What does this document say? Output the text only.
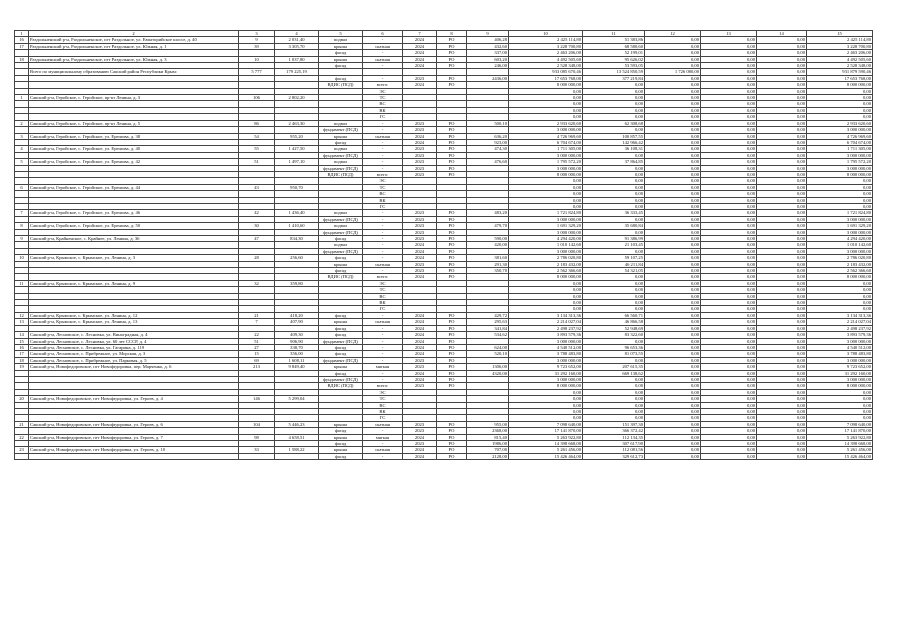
1	2	3	4	5	6	7	8	9	10	11	12	13	14	15
16	Раздольненский р-н, Раздольненское, пгт Раздольное, ул. Евпаторийское шоссе, д. 40	9	2 031,40	подвал	-	2024	РО	406,28	2 425 114,80	51 383,86	0,00	0,00	0,00	2 425 114,80
17	Раздольненский р-н, Раздольненское, пгт Раздольное, ул. Южная, д. 1	39	3 305,70	крыша	скатная	2024	РО	432,60	3 228 700,80	68 580,60	0,00	0,00	0,00	3 228 700,80
				фасад	-	2024	РО	337,00	2 463 206,00	52 199,01	0,00	0,00	0,00	2 463 206,00
18	Раздольненский р-н, Раздольненское, пгт Раздольное, ул. Южная, д. 3	10	1 037,80	крыша	скатная	2024	РО	603,20	4 492 505,60	95 626,02	0,00	0,00	0,00	4 492 505,60
				фасад	-	2024	РО	246,00	2 528 348,00	53 593,05	0,00	0,00	0,00	2 528 348,00
	Всего по муниципальному образованию Сакский район Республики Крым:	5 777	179 225,19						933 085 670,46	13 524 850,59	1 726 080,00	0,00	0,00	931 879 590,46
				фасад	-	2023	РО	2436,00	17 653 768,00	377 219,84	0,00	0,00	0,00	17 653 768,00
				ВДИС (ПСД)	всего:	2024	РО		8 000 000,00	0,00	0,00	0,00	0,00	8 000 000,00
					ЭС				0,00	0,00	0,00	0,00	0,00	0,00
1	Сакский р-н, Геройское, с. Геройское, пр-кт Ленина, д. 3	106	2 802,20		ТС				0,00	0,00	0,00	0,00	0,00	0,00
					ВС				0,00	0,00	0,00	0,00	0,00	0,00
					ВК				0,00	0,00	0,00	0,00	0,00	0,00
					ГС				0,00	0,00	0,00	0,00	0,00	0,00
2	Сакский р-н, Геройское, с. Геройское, пр-кт Ленина, д. 5	86	2 463,30	подвал	-	2023	РО	500,10	2 933 620,60	62 308,68	0,00	0,00	0,00	2 933 620,60
				фундамент (ПСД)	-	2023	РО		3 000 000,00	0,00	0,00	0,00	0,00	3 000 000,00
3	Сакский р-н, Геройское, с. Геройское, ул. Ерешова, д. 38	54	955,20	крыша	скатная	2024	РО	636,20	4 726 969,60	100 857,55	0,00	0,00	0,00	4 726 969,60
				фасад	-	2024	РО	923,00	6 704 674,00	142 966,42	0,00	0,00	0,00	6 704 674,00
4	Сакский р-н, Геройское, с. Геройское, ул. Ерешова, д. 40	55	1 427,50	подвал	-	2023	РО	474,30	1 711 305,00	36 108,31	0,00	0,00	0,00	1 711 305,00
				фундамент (ПСД)	-	2023	РО		3 000 000,00	0,00	0,00	0,00	0,00	3 000 000,00
5	Сакский р-н, Геройское, с. Геройское, ул. Ерешова, д. 42	51	1 497,10	подвал	-	2023	РО	476,60	1 795 572,20	37 864,85	0,00	0,00	0,00	1 795 572,20
				фундамент (ПСД)	-	2023	РО		3 000 000,00	0,00	0,00	0,00	0,00	3 000 000,00
				ВДИС (ПСД)	всего:	2023	РО		8 000 000,00	0,00	0,00	0,00	0,00	8 000 000,00
					ЭС				0,00	0,00	0,00	0,00	0,00	0,00
6	Сакский р-н, Геройское, с. Геройское, ул. Ерешова, д. 44	43	950,70		ТС				0,00	0,00	0,00	0,00	0,00	0,00
					ВС				0,00	0,00	0,00	0,00	0,00	0,00
					ВК				0,00	0,00	0,00	0,00	0,00	0,00
					ГС				0,00	0,00	0,00	0,00	0,00	0,00
7	Сакский р-н, Геройское, с. Геройское, ул. Ерешова, д. 46	42	1 436,40	подвал	-	2023	РО	483,20	1 721 824,80	36 333,45	0,00	0,00	0,00	1 721 824,80
				фундамент (ПСД)	-	2023	РО		3 000 000,00	0,00	0,00	0,00	0,00	3 000 000,00
8	Сакский р-н, Геройское, с. Геройское, ул. Ерешова, д. 50	30	1 410,60	подвал	-	2023	РО	479,70	1 691 329,20	35 680,84	0,00	0,00	0,00	1 691 329,20
				фундамент (ПСД)	-	2023	РО		3 000 000,00	0,00	0,00	0,00	0,00	3 000 000,00
9	Сакский р-н, Крайненское, с. Крайнее, ул. Ленина, д. 36	47	834,30	фасад	-	2023	РО	590,00	4 294 420,00	91 386,99	0,00	0,00	0,00	4 294 420,00
				подвал	-	2024	РО	420,00	1 010 142,60	21 103,45	0,00	0,00	0,00	1 010 142,60
				фундамент (ПСД)	-	2024	РО		3 000 000,00	0,00	0,00	0,00	0,00	3 000 000,00
10	Сакский р-н, Крымское, с. Крымское, ул. Ленина, д. 3	28	256,60	фасад	-	2024	РО	381,60	2 786 020,80	59 107,25	0,00	0,00	0,00	2 786 020,80
				крыша	скатная	2023	РО	291,30	2 183 432,00	46 211,84	0,00	0,00	0,00	2 183 432,00
				фасад	-	2023	РО	350,70	2 562 366,60	54 321,05	0,00	0,00	0,00	2 562 366,60
				ВДИС (ПСД)	всего:	2024	РО		8 000 000,00	0,00	0,00	0,00	0,00	8 000 000,00
11	Сакский р-н, Крымское, с. Крымское, ул. Ленина, д. 9	32	359,80		ЭС				0,00	0,00	0,00	0,00	0,00	0,00
					ТС				0,00	0,00	0,00	0,00	0,00	0,00
					ВС				0,00	0,00	0,00	0,00	0,00	0,00
					ВК				0,00	0,00	0,00	0,00	0,00	0,00
					ГС				0,00	0,00	0,00	0,00	0,00	0,00
12	Сакский р-н, Крымское, с. Крымское, ул. Ленина, д. 12	21	418,20	фасад	-	2024	РО	429,72	3 134 313,36	66 560,71	0,00	0,00	0,00	3 134 313,36
13	Сакский р-н, Крымское, с. Крымское, ул. Ленина, д. 13	7	407,90	крыша	скатная	2024	РО	295,63	2 214 027,04	46 866,58	0,00	0,00	0,00	2 214 027,04
				фасад	-	2024	РО	341,84	2 498 237,92	52 948,69	0,00	0,00	0,00	2 498 237,92
14	Сакский р-н, Лесновское, с. Лесновка, ул. Виноградная, д. 4	22	409,30	фасад	-	2024	РО	534,62	3 893 579,36	83 322,60	0,00	0,00	0,00	3 893 579,36
15	Сакский р-н, Лесновское, с. Лесновка, ул. 60 лет СССР, д. 4	51	906,90	фундамент (ПСД)	-	2024	РО		3 000 000,00	0,00	0,00	0,00	0,00	3 000 000,00
16	Сакский р-н, Лесновское, с. Лесновка, ул. Гагарина, д. 119	27	338,70	фасад	-	2024	РО	624,00	4 540 512,00	96 653,36	0,00	0,00	0,00	4 540 512,00
17	Сакский р-н, Лесновское, с. Прибрежное, ул. Морская, д. 3	15	356,00	фасад	-	2024	РО	520,10	3 788 483,80	81 073,55	0,00	0,00	0,00	3 788 483,80
18	Сакский р-н, Лесновское, с. Прибрежное, ул. Парковая, д. 5	69	1 608,11	фундамент (ПСД)	-	2023	РО		3 000 000,00	0,00	0,00	0,00	0,00	3 000 000,00
19	Сакский р-н, Новофедоровское, пгт Новофедоровка, пер. Марченко, д. 6	213	9 849,40	крыша	мягкая	2023	РО	1306,00	9 723 652,00	207 615,35	0,00	0,00	0,00	9 723 652,00
				фасад	-	2024	РО	4320,00	31 292 160,00	669 138,62	0,00	0,00	0,00	31 292 160,00
				фундамент (ПСД)	-	2024	РО		3 000 000,00	0,00	0,00	0,00	0,00	3 000 000,00
				ВДИС (ПСД)	всего:	2023	РО		8 000 000,00	0,00	0,00	0,00	0,00	8 000 000,00
					ЭС				0,00	0,00	0,00	0,00	0,00	0,00
20	Сакский р-н, Новофедоровское, пгт Новофедоровка, ул. Героев, д. 4	146	5 299,04		ТС				0,00	0,00	0,00	0,00	0,00	0,00
					ВС				0,00	0,00	0,00	0,00	0,00	0,00
					ВК				0,00	0,00	0,00	0,00	0,00	0,00
					ГС				0,00	0,00	0,00	0,00	0,00	0,00
21	Сакский р-н, Новофедоровское, пгт Новофедоровка, ул. Героев, д. 6	104	5 446,23	крыша	скатная	2023	РО	955,00	7 098 640,00	151 397,30	0,00	0,00	0,00	7 098 640,00
				фасад	-	2023	РО	2368,00	17 141 870,00	366 372,42	0,00	0,00	0,00	17 141 870,00
22	Сакский р-н, Новофедоровское, пгт Новофедоровка, ул. Героев, д. 7	98	4 658,51	крыша	мягкая	2024	РО	815,40	5 263 922,80	112 134,35	0,00	0,00	0,00	5 263 922,80
				фасад	-	2023	РО	1986,00	14 398 668,00	307 617,90	0,00	0,00	0,00	14 398 668,00
23	Сакский р-н, Новофедоровское, пгт Новофедоровка, ул. Героев, д. 10	33	1 588,22	крыша	скатная	2024	РО	707,00	5 261 456,00	112 081,56	0,00	0,00	0,00	5 261 456,00
				фасад	-	2024	РО	2128,00	15 426 464,00	329 612,73	0,00	0,00	0,00	15 426 464,00
